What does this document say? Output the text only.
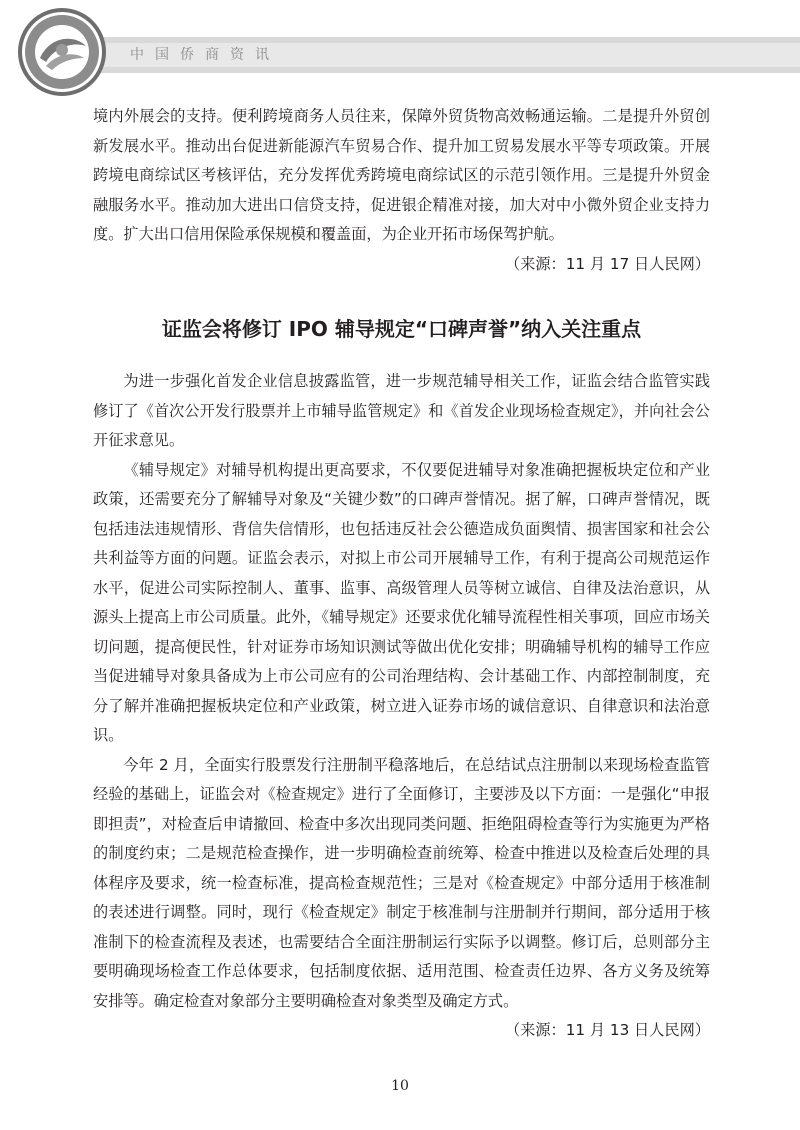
中国侨商资讯

境内外展会的支持。便利跨境商务人员往来，保障外贸货物高效畅通运输。二是提升外贸创新发展水平。推动出台促进新能源汽车贸易合作、提升加工贸易发展水平等专项政策。开展跨境电商综试区考核评估，充分发挥优秀跨境电商综试区的示范引领作用。三是提升外贸金融服务水平。推动加大进出口信贷支持，促进银企精准对接，加大对中小微外贸企业支持力度。扩大出口信用保险承保规模和覆盖面，为企业开拓市场保驾护航。

（来源：11 月 17 日人民网）

证监会将修订 IPO 辅导规定“口碑声誉”纳入关注重点

为进一步强化首发企业信息披露监管，进一步规范辅导相关工作，证监会结合监管实践修订了《首次公开发行股票并上市辅导监管规定》和《首发企业现场检查规定》，并向社会公开征求意见。

《辅导规定》对辅导机构提出更高要求，不仅要促进辅导对象准确把握板块定位和产业政策，还需要充分了解辅导对象及“关键少数”的口碑声誉情况。据了解，口碑声誉情况，既包括违法违规情形、背信失信情形，也包括违反社会公德造成负面舆情、损害国家和社会公共利益等方面的问题。证监会表示，对拟上市公司开展辅导工作，有利于提高公司规范运作水平，促进公司实际控制人、董事、监事、高级管理人员等树立诚信、自律及法治意识，从源头上提高上市公司质量。此外，《辅导规定》还要求优化辅导流程性相关事项，回应市场关切问题，提高便民性，针对证券市场知识测试等做出优化安排；明确辅导机构的辅导工作应当促进辅导对象具备成为上市公司应有的公司治理结构、会计基础工作、内部控制制度，充分了解并准确把握板块定位和产业政策，树立进入证券市场的诚信意识、自律意识和法治意识。

今年 2 月，全面实行股票发行注册制平稳落地后，在总结试点注册制以来现场检查监管经验的基础上，证监会对《检查规定》进行了全面修订，主要涉及以下方面：一是强化“申报即担责”，对检查后申请撤回、检查中多次出现同类问题、拒绝阻碍检查等行为实施更为严格的制度约束；二是规范检查操作，进一步明确检查前统筹、检查中推进以及检查后处理的具体程序及要求，统一检查标准，提高检查规范性；三是对《检查规定》中部分适用于核准制的表述进行调整。同时，现行《检查规定》制定于核准制与注册制并行期间，部分适用于核准制下的检查流程及表述，也需要结合全面注册制运行实际予以调整。修订后，总则部分主要明确现场检查工作总体要求，包括制度依据、适用范围、检查责任边界、各方义务及统筹安排等。确定检查对象部分主要明确检查对象类型及确定方式。

（来源：11 月 13 日人民网）

10
